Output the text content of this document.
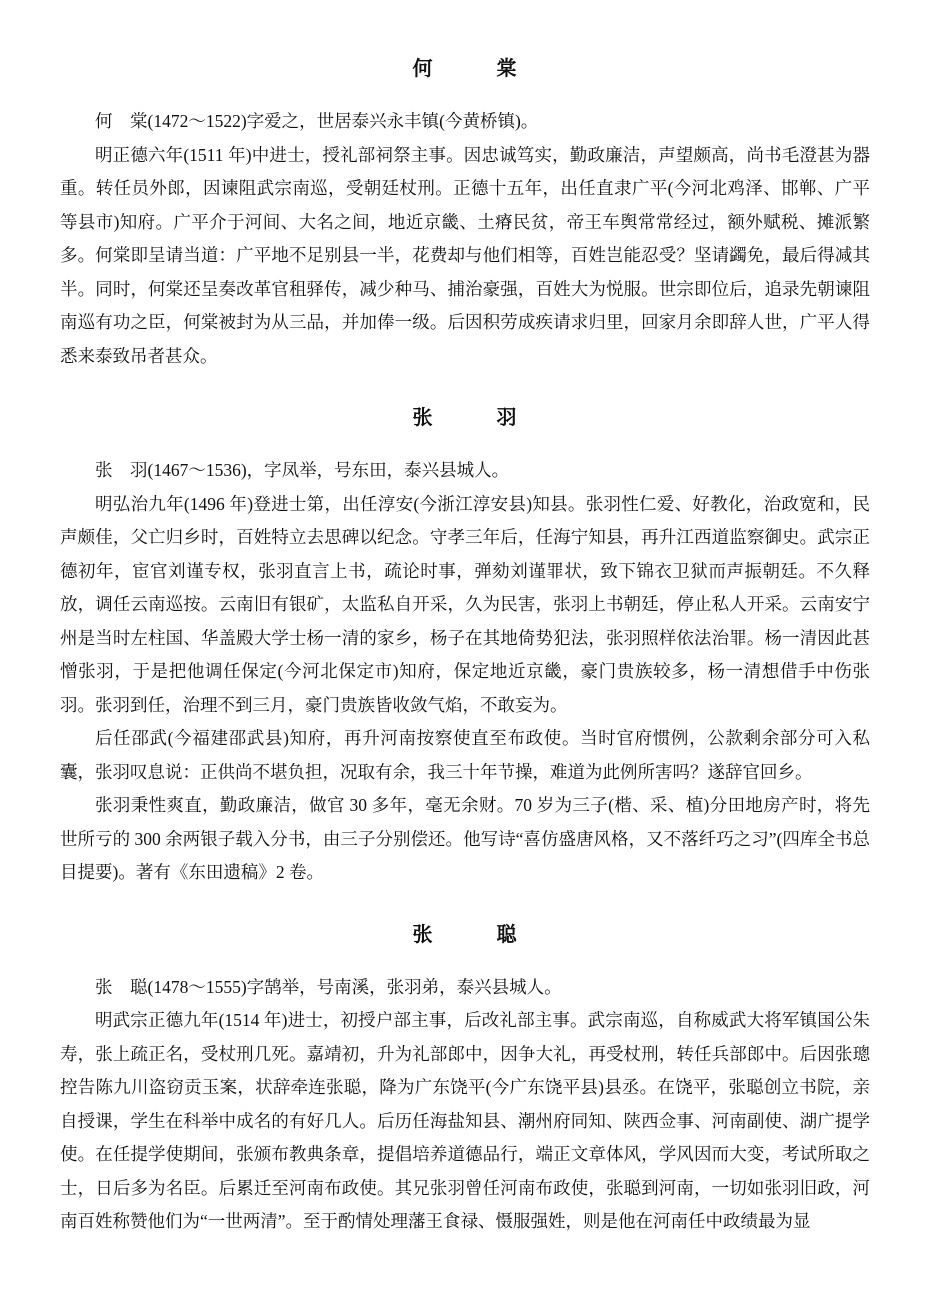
何　　　棠

何　棠(1472～1522)字爱之，世居泰兴永丰镇(今黄桥镇)。

明正德六年(1511 年)中进士，授礼部祠祭主事。因忠诚笃实，勤政廉洁，声望颇高，尚书毛澄甚为器重。转任员外郎，因谏阻武宗南巡，受朝廷杖刑。正德十五年，出任直隶广平(今河北鸡泽、邯郸、广平等县市)知府。广平介于河间、大名之间，地近京畿、土瘠民贫，帝王车舆常常经过，额外赋税、摊派繁多。何棠即呈请当道：广平地不足别县一半，花费却与他们相等，百姓岂能忍受？坚请蠲免，最后得减其半。同时，何棠还呈奏改革官租驿传，减少种马、捕治豪强，百姓大为悦服。世宗即位后，追录先朝谏阻南巡有功之臣，何棠被封为从三品，并加俸一级。后因积劳成疾请求归里，回家月余即辞人世，广平人得悉来泰致吊者甚众。

张　　　羽

张　羽(1467～1536)，字凤举，号东田，泰兴县城人。

明弘治九年(1496 年)登进士第，出任淳安(今浙江淳安县)知县。张羽性仁爱、好教化，治政宽和，民声颇佳，父亡归乡时，百姓特立去思碑以纪念。守孝三年后，任海宁知县，再升江西道监察御史。武宗正德初年，宦官刘谨专权，张羽直言上书，疏论时事，弹劾刘谨罪状，致下锦衣卫狱而声振朝廷。不久释放，调任云南巡按。云南旧有银矿，太监私自开采，久为民害，张羽上书朝廷，停止私人开采。云南安宁州是当时左柱国、华盖殿大学士杨一清的家乡，杨子在其地倚势犯法，张羽照样依法治罪。杨一清因此甚憎张羽，于是把他调任保定(今河北保定市)知府，保定地近京畿，豪门贵族较多，杨一清想借手中伤张羽。张羽到任，治理不到三月，豪门贵族皆收敛气焰，不敢妄为。

后任邵武(今福建邵武县)知府，再升河南按察使直至布政使。当时官府惯例，公款剩余部分可入私囊，张羽叹息说：正供尚不堪负担，况取有余，我三十年节操，难道为此例所害吗？遂辞官回乡。

张羽秉性爽直，勤政廉洁，做官 30 多年，毫无余财。70 岁为三子(楷、采、植)分田地房产时，将先世所亏的 300 余两银子载入分书，由三子分别偿还。他写诗“喜仿盛唐风格，又不落纤巧之习”(四库全书总目提要)。著有《东田遗稿》2 卷。

张　　　聪

张　聪(1478～1555)字鹄举，号南溪，张羽弟，泰兴县城人。

明武宗正德九年(1514 年)进士，初授户部主事，后改礼部主事。武宗南巡，自称威武大将军镇国公朱寿，张上疏正名，受杖刑几死。嘉靖初，升为礼部郎中，因争大礼，再受杖刑，转任兵部郎中。后因张璁控告陈九川盗窃贡玉案，状辞牵连张聪，降为广东饶平(今广东饶平县)县丞。在饶平，张聪创立书院，亲自授课，学生在科举中成名的有好几人。后历任海盐知县、潮州府同知、陕西佥事、河南副使、湖广提学使。在任提学使期间，张颁布教典条章，提倡培养道德品行，端正文章体风，学风因而大变，考试所取之士，日后多为名臣。后累迁至河南布政使。其兄张羽曾任河南布政使，张聪到河南，一切如张羽旧政，河南百姓称赞他们为“一世两清”。至于酌情处理藩王食禄、慑服强姓，则是他在河南任中政绩最为显
